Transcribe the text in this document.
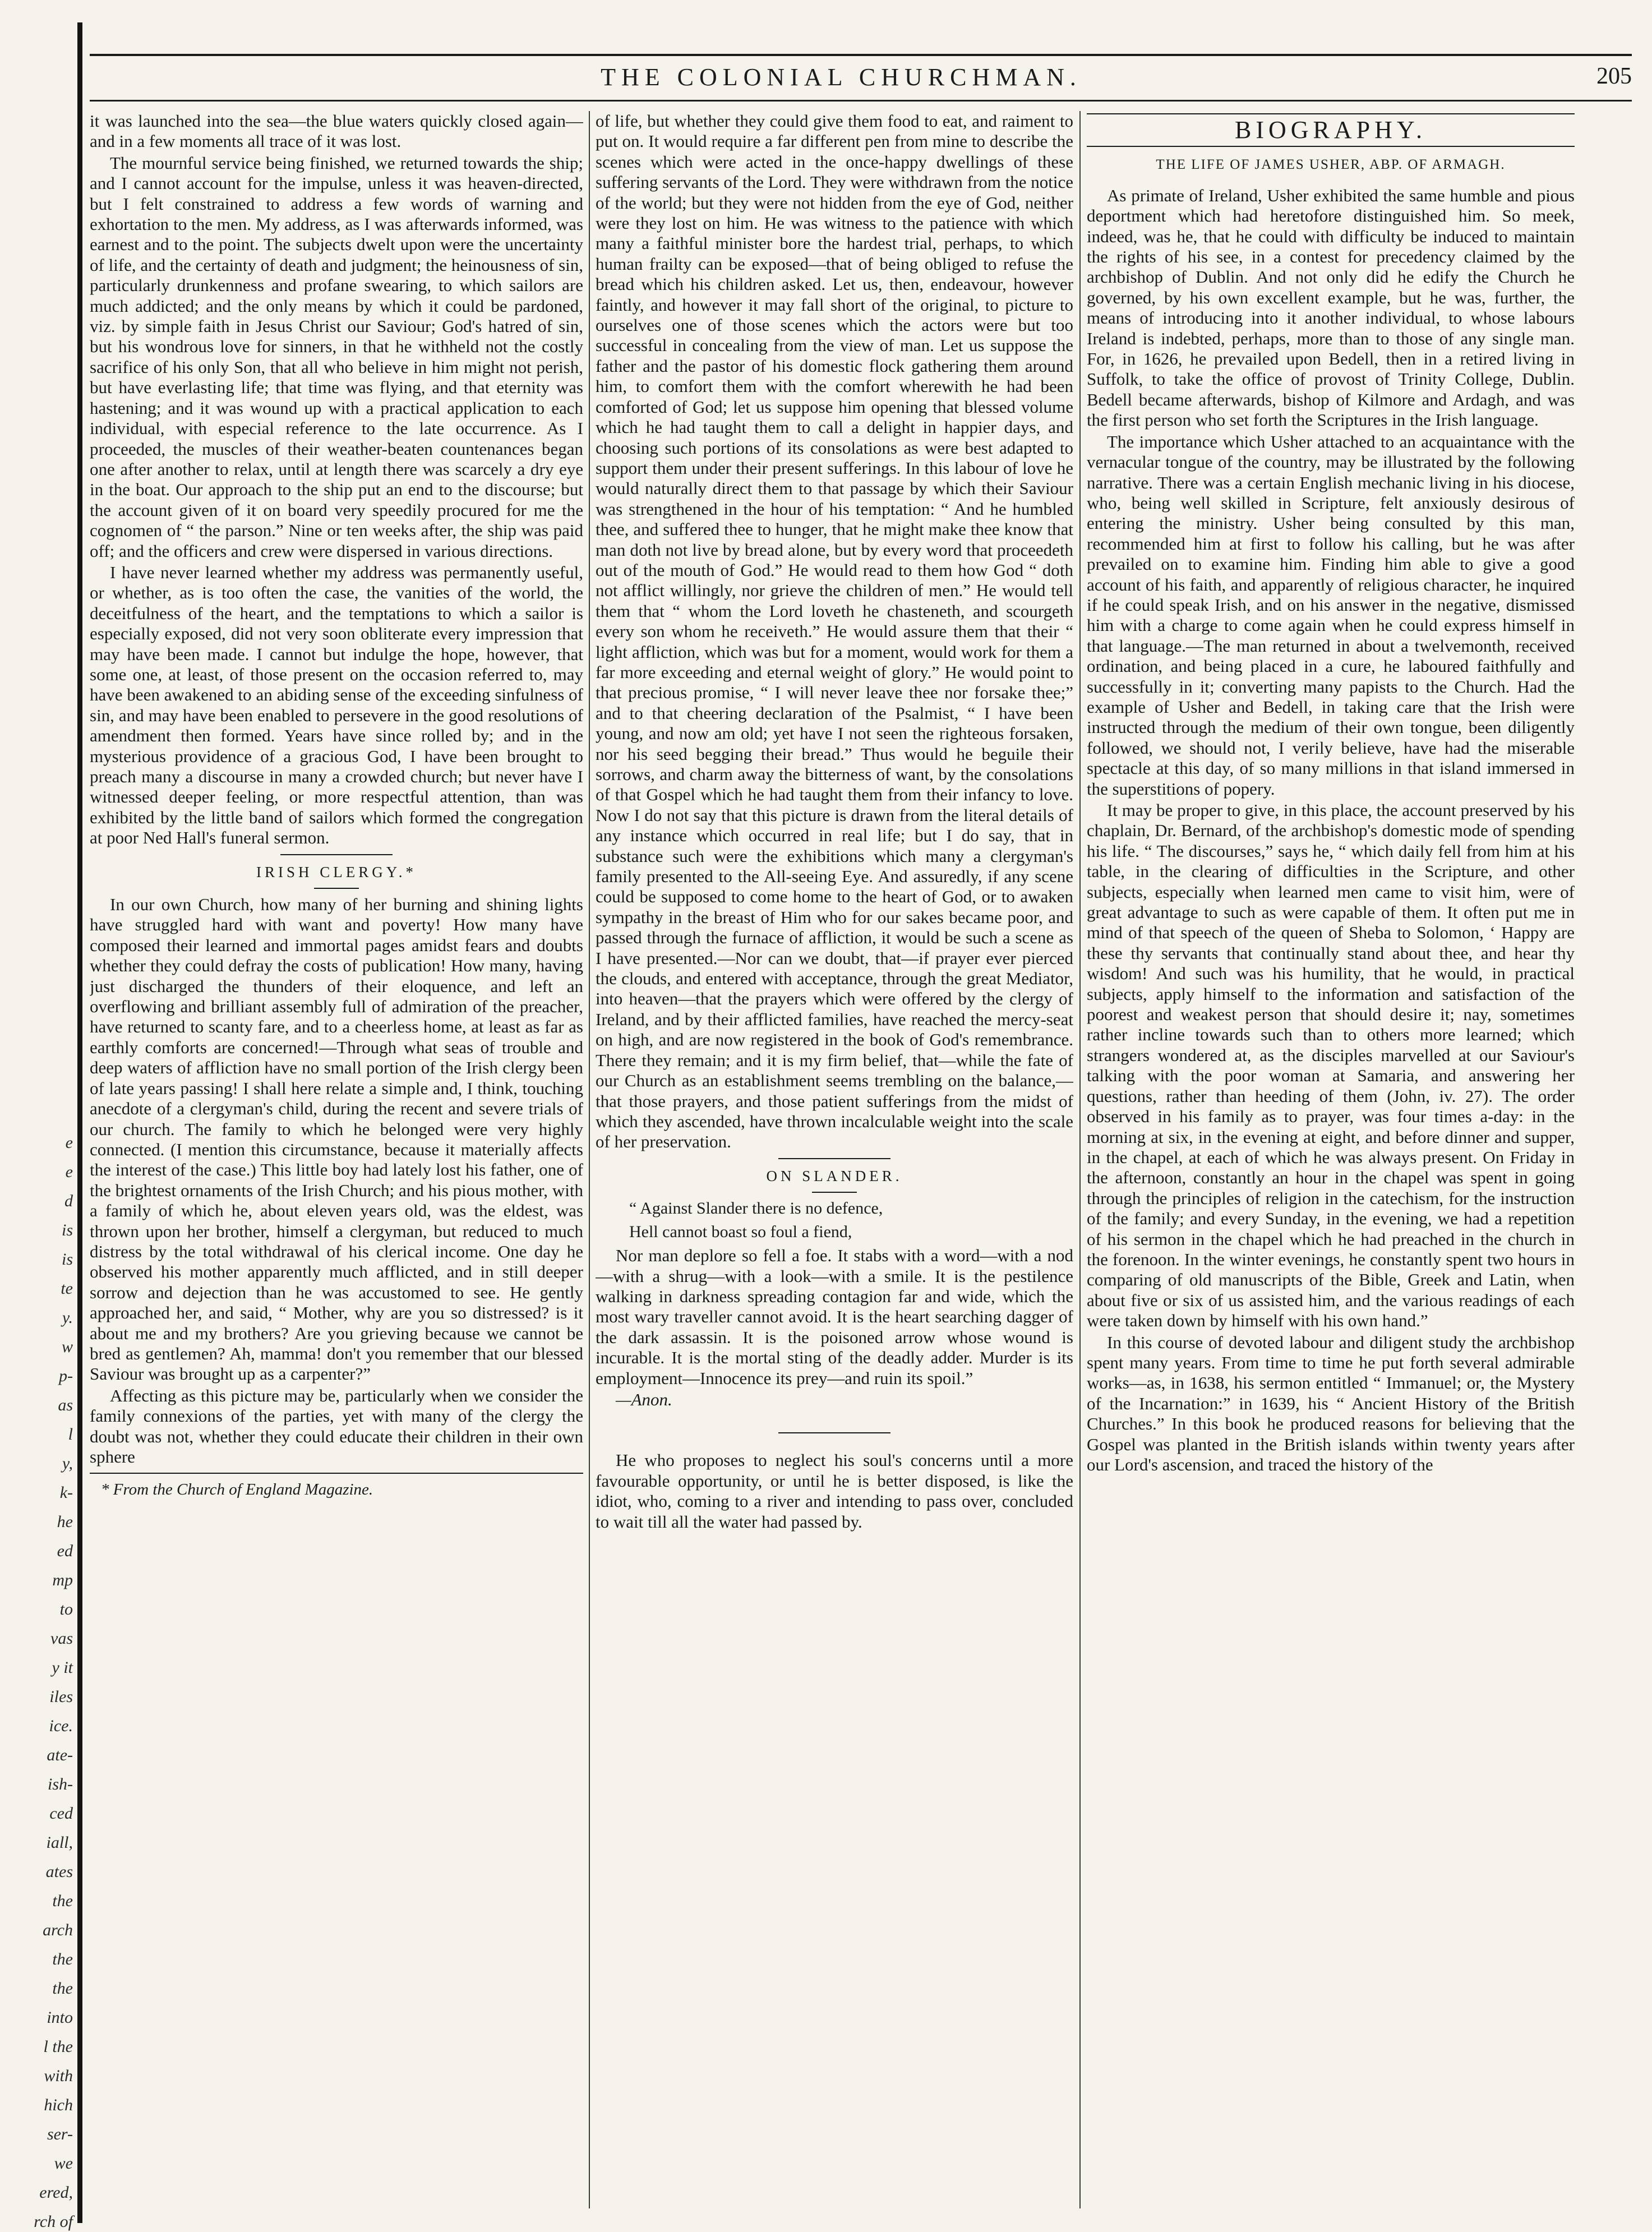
THE COLONIAL CHURCHMAN.	205
e
e
d
is
is
te
y.
w
p-
as
l
y,
k-
he
ed
mp
to
vas
y it
iles
ice.
ate-
ish-
ced
iall,
ates
the
arch
the
the
into
l the
with
hich
ser-
we
ered,
rch of

it was launched into the sea—the blue waters quickly closed again—and in a few moments all trace of it was lost.

The mournful service being finished, we returned towards the ship; and I cannot account for the impulse, unless it was heaven-directed, but I felt constrained to address a few words of warning and exhortation to the men. My address, as I was afterwards informed, was earnest and to the point. The subjects dwelt upon were the uncertainty of life, and the certainty of death and judgment; the heinousness of sin, particularly drunkenness and profane swearing, to which sailors are much addicted; and the only means by which it could be pardoned, viz. by simple faith in Jesus Christ our Saviour; God's hatred of sin, but his wondrous love for sinners, in that he withheld not the costly sacrifice of his only Son, that all who believe in him might not perish, but have everlasting life; that time was flying, and that eternity was hastening; and it was wound up with a practical application to each individual, with especial reference to the late occurrence. As I proceeded, the muscles of their weather-beaten countenances began one after another to relax, until at length there was scarcely a dry eye in the boat. Our approach to the ship put an end to the discourse; but the account given of it on board very speedily procured for me the cognomen of “ the parson.” Nine or ten weeks after, the ship was paid off; and the officers and crew were dispersed in various directions.

I have never learned whether my address was permanently useful, or whether, as is too often the case, the vanities of the world, the deceitfulness of the heart, and the temptations to which a sailor is especially exposed, did not very soon obliterate every impression that may have been made. I cannot but indulge the hope, however, that some one, at least, of those present on the occasion referred to, may have been awakened to an abiding sense of the exceeding sinfulness of sin, and may have been enabled to persevere in the good resolutions of amendment then formed. Years have since rolled by; and in the mysterious providence of a gracious God, I have been brought to preach many a discourse in many a crowded church; but never have I witnessed deeper feeling, or more respectful attention, than was exhibited by the little band of sailors which formed the congregation at poor Ned Hall's funeral sermon.

IRISH CLERGY.*

In our own Church, how many of her burning and shining lights have struggled hard with want and poverty! How many have composed their learned and immortal pages amidst fears and doubts whether they could defray the costs of publication! How many, having just discharged the thunders of their eloquence, and left an overflowing and brilliant assembly full of admiration of the preacher, have returned to scanty fare, and to a cheerless home, at least as far as earthly comforts are concerned!—Through what seas of trouble and deep waters of affliction have no small portion of the Irish clergy been of late years passing! I shall here relate a simple and, I think, touching anecdote of a clergyman's child, during the recent and severe trials of our church. The family to which he belonged were very highly connected. (I mention this circumstance, because it materially affects the interest of the case.) This little boy had lately lost his father, one of the brightest ornaments of the Irish Church; and his pious mother, with a family of which he, about eleven years old, was the eldest, was thrown upon her brother, himself a clergyman, but reduced to much distress by the total withdrawal of his clerical income. One day he observed his mother apparently much afflicted, and in still deeper sorrow and dejection than he was accustomed to see. He gently approached her, and said, “ Mother, why are you so distressed? is it about me and my brothers? Are you grieving because we cannot be bred as gentlemen? Ah, mamma! don't you remember that our blessed Saviour was brought up as a carpenter?”

Affecting as this picture may be, particularly when we consider the family connexions of the parties, yet with many of the clergy the doubt was not, whether they could educate their children in their own sphere

* From the Church of England Magazine.

of life, but whether they could give them food to eat, and raiment to put on. It would require a far different pen from mine to describe the scenes which were acted in the once-happy dwellings of these suffering servants of the Lord. They were withdrawn from the notice of the world; but they were not hidden from the eye of God, neither were they lost on him. He was witness to the patience with which many a faithful minister bore the hardest trial, perhaps, to which human frailty can be exposed—that of being obliged to refuse the bread which his children asked. Let us, then, endeavour, however faintly, and however it may fall short of the original, to picture to ourselves one of those scenes which the actors were but too successful in concealing from the view of man. Let us suppose the father and the pastor of his domestic flock gathering them around him, to comfort them with the comfort wherewith he had been comforted of God; let us suppose him opening that blessed volume which he had taught them to call a delight in happier days, and choosing such portions of its consolations as were best adapted to support them under their present sufferings. In this labour of love he would naturally direct them to that passage by which their Saviour was strengthened in the hour of his temptation: “ And he humbled thee, and suffered thee to hunger, that he might make thee know that man doth not live by bread alone, but by every word that proceedeth out of the mouth of God.” He would read to them how God “ doth not afflict willingly, nor grieve the children of men.” He would tell them that “ whom the Lord loveth he chasteneth, and scourgeth every son whom he receiveth.” He would assure them that their “ light affliction, which was but for a moment, would work for them a far more exceeding and eternal weight of glory.” He would point to that precious promise, “ I will never leave thee nor forsake thee;” and to that cheering declaration of the Psalmist, “ I have been young, and now am old; yet have I not seen the righteous forsaken, nor his seed begging their bread.” Thus would he beguile their sorrows, and charm away the bitterness of want, by the consolations of that Gospel which he had taught them from their infancy to love. Now I do not say that this picture is drawn from the literal details of any instance which occurred in real life; but I do say, that in substance such were the exhibitions which many a clergyman's family presented to the All-seeing Eye. And assuredly, if any scene could be supposed to come home to the heart of God, or to awaken sympathy in the breast of Him who for our sakes became poor, and passed through the furnace of affliction, it would be such a scene as I have presented.—Nor can we doubt, that—if prayer ever pierced the clouds, and entered with acceptance, through the great Mediator, into heaven—that the prayers which were offered by the clergy of Ireland, and by their afflicted families, have reached the mercy-seat on high, and are now registered in the book of God's remembrance. There they remain; and it is my firm belief, that—while the fate of our Church as an establishment seems trembling on the balance,—that those prayers, and those patient sufferings from the midst of which they ascended, have thrown incalculable weight into the scale of her preservation.

ON SLANDER.
“ Against Slander there is no defence,
Hell cannot boast so foul a fiend,

Nor man deplore so fell a foe. It stabs with a word—with a nod—with a shrug—with a look—with a smile. It is the pestilence walking in darkness spreading contagion far and wide, which the most wary traveller cannot avoid. It is the heart searching dagger of the dark assassin. It is the poisoned arrow whose wound is incurable. It is the mortal sting of the deadly adder. Murder is its employment—Innocence its prey—and ruin its spoil.”

—Anon.

He who proposes to neglect his soul's concerns until a more favourable opportunity, or until he is better disposed, is like the idiot, who, coming to a river and intending to pass over, concluded to wait till all the water had passed by.

BIOGRAPHY.
THE LIFE OF JAMES USHER, ABP. OF ARMAGH.

As primate of Ireland, Usher exhibited the same humble and pious deportment which had heretofore distinguished him. So meek, indeed, was he, that he could with difficulty be induced to maintain the rights of his see, in a contest for precedency claimed by the archbishop of Dublin. And not only did he edify the Church he governed, by his own excellent example, but he was, further, the means of introducing into it another individual, to whose labours Ireland is indebted, perhaps, more than to those of any single man. For, in 1626, he prevailed upon Bedell, then in a retired living in Suffolk, to take the office of provost of Trinity College, Dublin. Bedell became afterwards, bishop of Kilmore and Ardagh, and was the first person who set forth the Scriptures in the Irish language.

The importance which Usher attached to an acquaintance with the vernacular tongue of the country, may be illustrated by the following narrative. There was a certain English mechanic living in his diocese, who, being well skilled in Scripture, felt anxiously desirous of entering the ministry. Usher being consulted by this man, recommended him at first to follow his calling, but he was after prevailed on to examine him. Finding him able to give a good account of his faith, and apparently of religious character, he inquired if he could speak Irish, and on his answer in the negative, dismissed him with a charge to come again when he could express himself in that language.—The man returned in about a twelvemonth, received ordination, and being placed in a cure, he laboured faithfully and successfully in it; converting many papists to the Church. Had the example of Usher and Bedell, in taking care that the Irish were instructed through the medium of their own tongue, been diligently followed, we should not, I verily believe, have had the miserable spectacle at this day, of so many millions in that island immersed in the superstitions of popery.

It may be proper to give, in this place, the account preserved by his chaplain, Dr. Bernard, of the archbishop's domestic mode of spending his life. “ The discourses,” says he, “ which daily fell from him at his table, in the clearing of difficulties in the Scripture, and other subjects, especially when learned men came to visit him, were of great advantage to such as were capable of them. It often put me in mind of that speech of the queen of Sheba to Solomon, ‘ Happy are these thy servants that continually stand about thee, and hear thy wisdom! And such was his humility, that he would, in practical subjects, apply himself to the information and satisfaction of the poorest and weakest person that should desire it; nay, sometimes rather incline towards such than to others more learned; which strangers wondered at, as the disciples marvelled at our Saviour's talking with the poor woman at Samaria, and answering her questions, rather than heeding of them (John, iv. 27). The order observed in his family as to prayer, was four times a-day: in the morning at six, in the evening at eight, and before dinner and supper, in the chapel, at each of which he was always present. On Friday in the afternoon, constantly an hour in the chapel was spent in going through the principles of religion in the catechism, for the instruction of the family; and every Sunday, in the evening, we had a repetition of his sermon in the chapel which he had preached in the church in the forenoon. In the winter evenings, he constantly spent two hours in comparing of old manuscripts of the Bible, Greek and Latin, when about five or six of us assisted him, and the various readings of each were taken down by himself with his own hand.”

In this course of devoted labour and diligent study the archbishop spent many years. From time to time he put forth several admirable works—as, in 1638, his sermon entitled “ Immanuel; or, the Mystery of the Incarnation:” in 1639, his “ Ancient History of the British Churches.” In this book he produced reasons for believing that the Gospel was planted in the British islands within twenty years after our Lord's ascension, and traced the history of the
